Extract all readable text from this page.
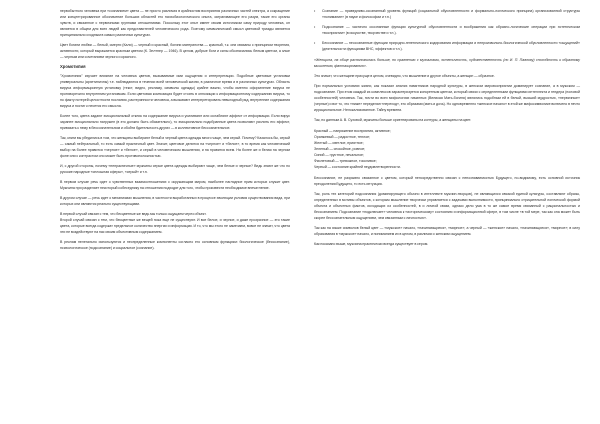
первобытного человека при «сознанием» цвета — не просто различия в крайностям восприятия различных частей спектра, а сокращение или концентрированное обозначение больших областей его психобиологического опыта, затрагивающее его разум, такие его органы чувств, и связанное с первичными группами отношениями. Поскольку этот опыт имеет своим источником саму природу человека, он является в общем для всех людей как представителей человеческого рода. Поэтому символический смысл цветовой триады является принципиально сходным в самых различных культурах.

Цвет богини любви — белый, смерти (Кали) — черный и красный, богини материнства — красный, т.к. они связаны с принципом творения, активности, который выражается красным цветом (К. Эллтнер — 1946). В целом, добрые боги и силы обозначались белым цветом, а злые — черным или сочетанием черного и красного.

Хромотипия

"Хромотипия" изучает влияние на человека цветов, вызываемые ими ощущения и интерпретации. Подобные цветовые установки универсальны (архетипичны) т.е. наблюдаются в течении всей человеческой жизни, в различное время и в различных культурах. Область вируса информационную установку (текст, видео, рекламу, символы одежды) крайне важно, чтобы именно оформление вируса не противоречило внутренним установкам. Если цветовая композиция будет стоять в оппозиции к информационному содержанию вируса, то по факту потерей целостности послания, растерянности человека, а вызывают интерпретировать невыгодный ряд, внутренние содержания вируса и постиг к несется его смысла.

Более того, цвета задают эмоциональный отклик на содержание вируса и усиливают или ослабляют аффект от информации. Если вирус заранее эмоционально нагружен (в это должно быть обязательно), то эмоционально подобранные цвета позволяют усилить его эффект, привязать к нему в бессознательном и обойти бдительность других — в коллективное бессознательное.

Так, книги вы убедились в том, что женщины выбирают белый и черный цвета одежды много чаще, чем серый. Почему? Казалось бы, серый — самый нейтральный, то есть самый практичный цвет. Значит, цветовое делится на «черное» и «белое», в то время как человеческий выбор на более нравится «черное» и «белое», и серый в человеческом мышлении, и на нравится всем. На более же и белая на черном фоне или с контрастом оно может быть противоположностью.

И, с другой стороны, почему «непрактичные» мужчины серые цвета одежды выбирают чаще, чем белые и черные? Ведь знают же что по русские народные «сплошная сферы», «серый» и т.п.

В первом случае речь идет о чувственных взаимоотношениях с окружающим миром, наиболее наглядное прим которых служит цвет. Мужчина при разделает некоторый собеседнику на отношения подходят для того, чтобы произвести необходимое впечатление.

В другом случае — речь идет о механизмах мышления, в частности выработанных в процессе эволюции условия существования вида, при которых они являются реально существующими.

В первой случай связан с тем, что бесцветные же ведь мы только ощущаем через объект.

Второй случай связан с тем, что бесцветные же вещей пока еще не существуют. И все белое, и черное, и даже прозрачное — это такие цвета, которые всегда содержат предельное количество энергии и информации. И то, что мы этого не замечаем, вовсе не значит, что цвета эти не воздействуют на нас своим объективным содержанием.

В реклам нелегально используются и неопределенные компоненты согласно его основным функциям: биологическое (бессознание), психологическое (подсознание) и социальное (сознание).

• Сознание — праведливо-осознанный уровень функций (социальной обусловленности и формально-логического принципа) организованной структуры «понимание» (в науке и философии и т.п.)
• Подсознание — частично осознанные функции культурной обусловленности и воображения как образно-логические операции при эстетическом «восприятии» (в искусстве, творчестве и т.п.).
• Бессознание — неосознанные функции природно-генетического кодирования информации и непроизвольно-биологической обусловленности «ощущений» (деятельности функциями ВНС, эффектов и т.п.).

«Женщина, на обще расположилась больше, по сравнению с мужчинами, эстетичность, художественность (по И. П. Павлову) способность к образному мышлению, фантазированию».

Это значит, что женщине присуще в целом, очевидно, что мышление и другое объекты, а женщин — образное.

При нормальных условиях жизни, как показал анализ памятников народной культуры, в женском мировосприятии доминирует сознание, а в мужском — подсознание. При этом каждый из комплексов характеризуется конкретным цветом, который связи с определенными функциями интеллекта и гендера (половой особенностей) человека. Так, почти во всех мифологиях начинных (Великая Мать-богиня) являлись подобным ей в белый, высший мудростью, «первичные» (черные) и вот то, что «ниже» переделан «переход», его образами (мать и дочь). Но одновременно «женское начало» в этой же мифосимволике включено в нечто иррациональное. Нелокализованное. Тайну времени.

Так, по данным А. В. Суховой, мужчины больше ориентированы на контуры, а женщины на цвет.

Красный — напряжение восприятия, активное;
Оранжевый — радостное, теплое;
Желтый — светлое, приятное;
Зеленый — спокойное, ровное;
Синий — грустное, печальное;
Фиолетовый — тревожное, тоскливое;
Черный — состояние крайней неудовлетворенности.

Бессознание, не разрывно связанное с цветом, который непосредственно связан с непознаваемостью Будущего, по-видимому, есть основной источник преодоления Будущего, то есть интуиция.

Так, роль тех категорий подсознания (доминирующего обычно в интеллекте мужчин-творцов), не являющихся связкой единой культуры, составляют образы, определенных в мотивы объектов, с которым мышление творчески управляется с задачами выполнимости, принципиально отрицательной логической формой объекта и объектных фактов, исходящих из особенностей, в и личной связи, однако дело ума в то же самое время связанный с рациональностью и бессознанием. Подсознание «подключает» человека к «историческому» состоянию и информационной сфере, в том числе «в той мере, так как она может быть скорее бессознательным ощущением, чем связанным с личностью».

Так как на языке символов белый цвет — «мужское» начало, «начинающиеся», «мирное», а черный — «женское» начало, «начинающиеся», «мирное»; в силу образования в «мужское» начало, и пониманием их в целом, в различии с женским ощущением.

Как показано выше, мужчина практически всегда существует в сером.
